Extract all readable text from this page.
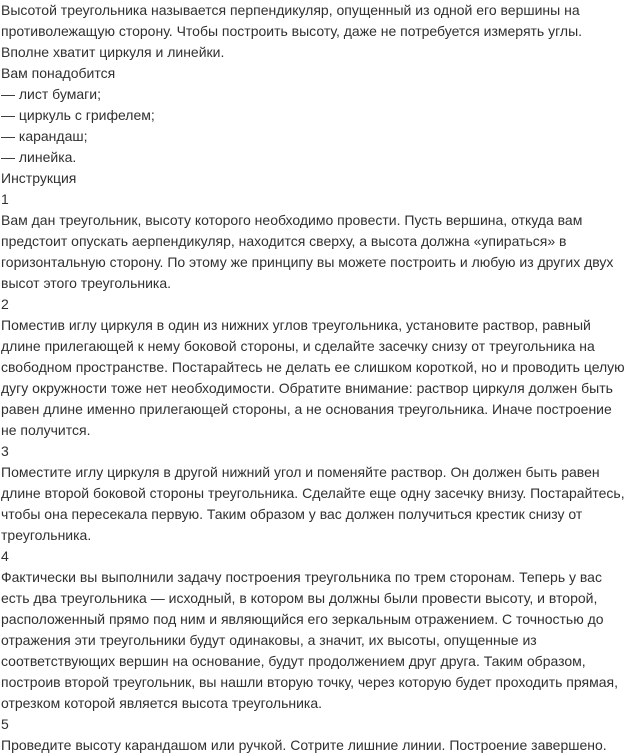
Высотой треугольника называется перпендикуляр, опущенный из одной его вершины на противолежащую сторону. Чтобы построить высоту, даже не потребуется измерять углы. Вполне хватит циркуля и линейки.

Вам понадобится

— лист бумаги;

— циркуль с грифелем;

— карандаш;

— линейка.

Инструкция

1

Вам дан треугольник, высоту которого необходимо провести. Пусть вершина, откуда вам предстоит опускать аерпендикуляр, находится сверху, а высота должна «упираться» в горизонтальную сторону. По этому же принципу вы можете построить и любую из других двух высот этого треугольника.

2

Поместив иглу циркуля в один из нижних углов треугольника, установите раствор, равный длине прилегающей к нему боковой стороны, и сделайте засечку снизу от треугольника на свободном пространстве. Постарайтесь не делать ее слишком короткой, но и проводить целую дугу окружности тоже нет необходимости. Обратите внимание: раствор циркуля должен быть равен длине именно прилегающей стороны, а не основания треугольника. Иначе построение не получится.

3

Поместите иглу циркуля в другой нижний угол и поменяйте раствор. Он должен быть равен длине второй боковой стороны треугольника. Сделайте еще одну засечку внизу. Постарайтесь, чтобы она пересекала первую. Таким образом у вас должен получиться крестик снизу от треугольника.

4

Фактически вы выполнили задачу построения треугольника по трем сторонам. Теперь у вас есть два треугольника — исходный, в котором вы должны были провести высоту, и второй, расположенный прямо под ним и являющийся его зеркальным отражением. С точностью до отражения эти треугольники будут одинаковы, а значит, их высоты, опущенные из соответствующих вершин на основание, будут продолжением друг друга. Таким образом, построив второй треугольник, вы нашли вторую точку, через которую будет проходить прямая, отрезком которой является высота треугольника.

5

Проведите высоту карандашом или ручкой. Сотрите лишние линии. Построение завершено.
